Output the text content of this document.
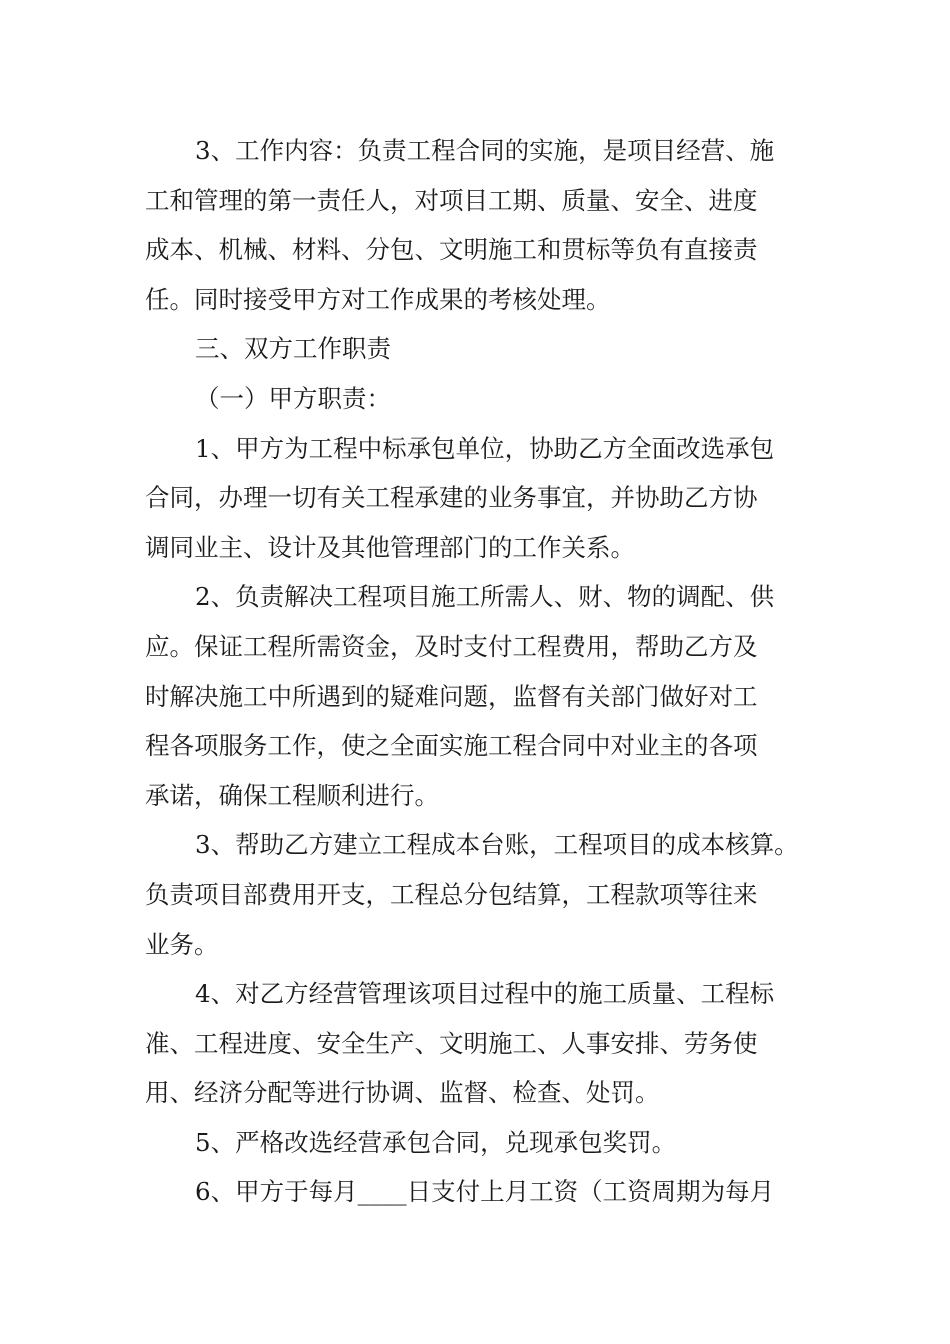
3、工作内容：负责工程合同的实施，是项目经营、施
工和管理的第一责任人，对项目工期、质量、安全、进度
成本、机械、材料、分包、文明施工和贯标等负有直接责
任。同时接受甲方对工作成果的考核处理。
三、双方工作职责
（一）甲方职责：
1、甲方为工程中标承包单位，协助乙方全面改选承包
合同，办理一切有关工程承建的业务事宜，并协助乙方协
调同业主、设计及其他管理部门的工作关系。
2、负责解决工程项目施工所需人、财、物的调配、供
应。保证工程所需资金，及时支付工程费用，帮助乙方及
时解决施工中所遇到的疑难问题，监督有关部门做好对工
程各项服务工作，使之全面实施工程合同中对业主的各项
承诺，确保工程顺利进行。
3、帮助乙方建立工程成本台账，工程项目的成本核算。
负责项目部费用开支，工程总分包结算，工程款项等往来
业务。
4、对乙方经营管理该项目过程中的施工质量、工程标
准、工程进度、安全生产、文明施工、人事安排、劳务使
用、经济分配等进行协调、监督、检查、处罚。
5、严格改选经营承包合同，兑现承包奖罚。
6、甲方于每月____日支付上月工资（工资周期为每月
